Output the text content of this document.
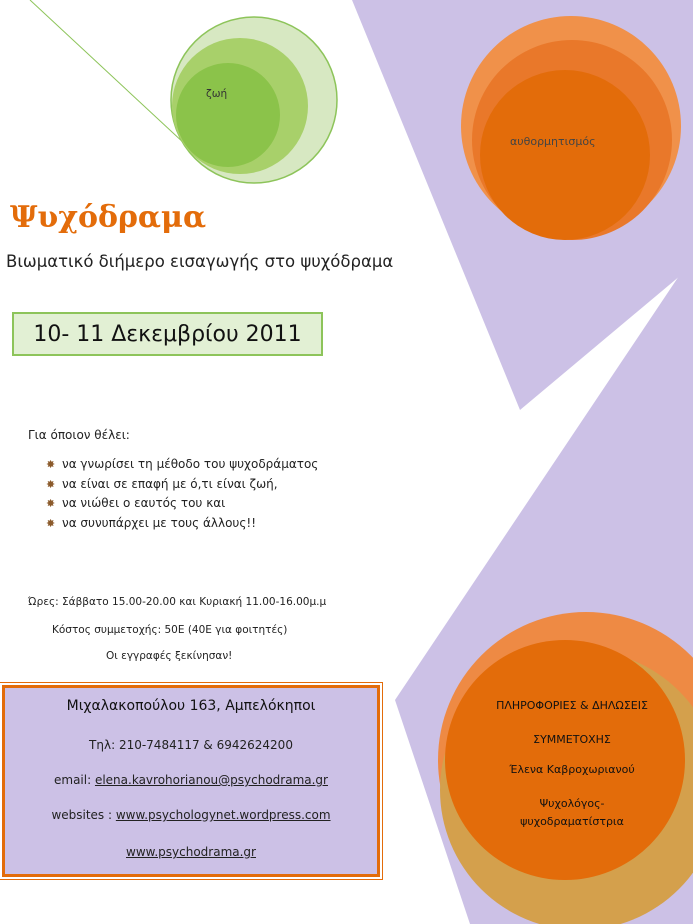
ζωή
αυθορμητισμός
Ψυχόδραμα
Βιωματικό διήμερο εισαγωγής στο ψυχόδραμα
10- 11 Δεκεμβρίου 2011
Για όποιον θέλει:
✸ να γνωρίσει τη μέθοδο του ψυχοδράματος
✸ να είναι σε επαφή με ό,τι είναι ζωή,
✸ να νιώθει ο εαυτός του και
✸ να συνυπάρχει με τους άλλους!!
Ώρες: Σάββατο 15.00-20.00 και Κυριακή 11.00-16.00μ.μ
Κόστος συμμετοχής: 50Ε (40Ε για φοιτητές)
Οι εγγραφές ξεκίνησαν!
Μιχαλακοπούλου 163, Αμπελόκηποι
Τηλ: 210-7484117 & 6942624200
email: elena.kavrohorianou@psychodrama.gr
websites : www.psychologynet.wordpress.com
www.psychodrama.gr
ΠΛΗΡΟΦΟΡΙΕΣ & ΔΗΛΩΣΕΙΣ
ΣΥΜΜΕΤΟΧΗΣ
Έλενα Καβροχωριανού
Ψυχολόγος-
ψυχοδραματίστρια
